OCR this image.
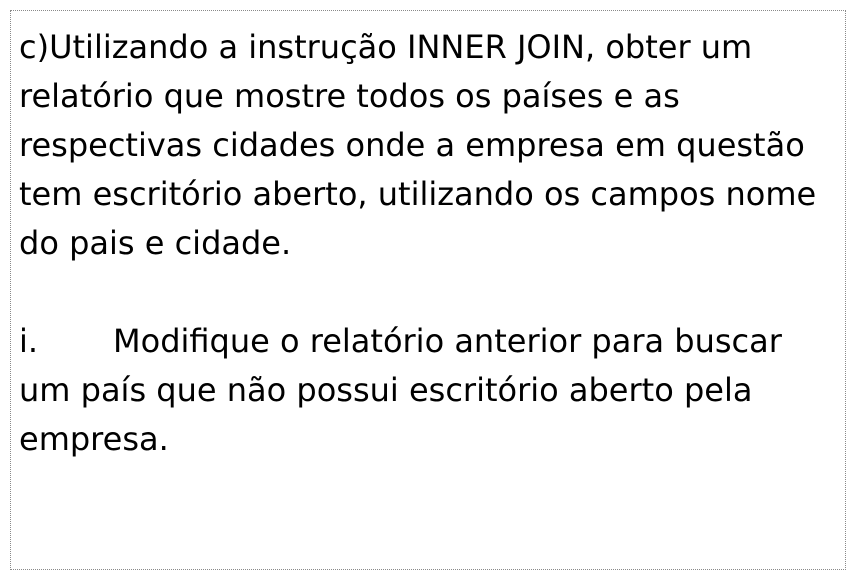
c)Utilizando a instrução INNER JOIN, obter um relatório que mostre todos os países e as respectivas cidades onde a empresa em questão tem escritório aberto, utilizando os campos nome do pais e cidade.

i. Modifique o relatório anterior para buscar um país que não possui escritório aberto pela empresa.
